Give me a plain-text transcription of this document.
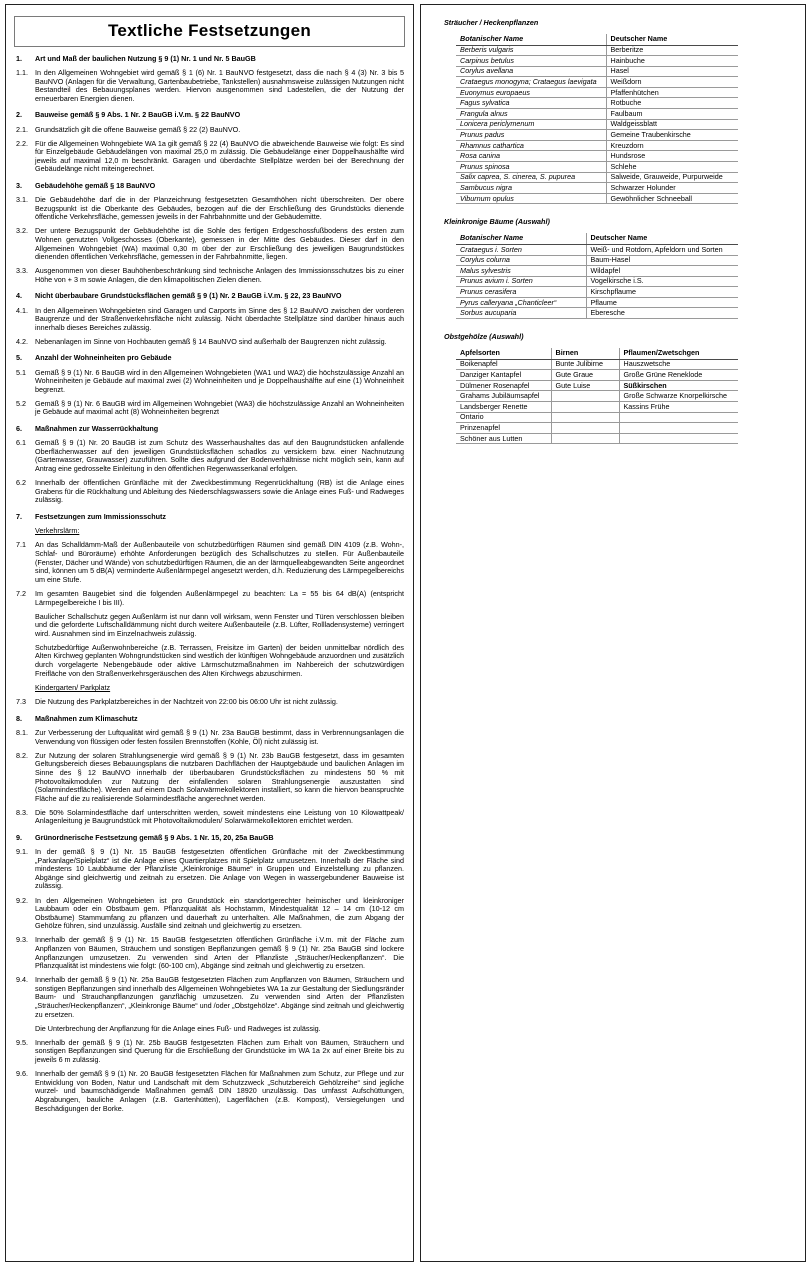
Textliche Festsetzungen
1.	Art und Maß der baulichen Nutzung § 9 (1) Nr. 1 und Nr. 5 BauGB
1.1. In den Allgemeinen Wohngebiet wird gemäß § 1 (6) Nr. 1 BauNVO festgesetzt, dass die nach § 4 (3) Nr. 3 bis 5 BauNVO (Anlagen für die Verwaltung, Gartenbaubetriebe, Tankstellen) ausnahmsweise zulässigen Nutzungen nicht Bestandteil des Bebauungsplanes werden. Hiervon ausgenommen sind Ladestellen, die der Nutzung der erneuerbaren Energien dienen.
2.	Bauweise gemäß § 9 Abs. 1 Nr. 2 BauGB i.V.m. § 22 BauNVO
2.1. Grundsätzlich gilt die offene Bauweise gemäß § 22 (2) BauNVO.
2.2. Für die Allgemeinen Wohngebiete WA 1a gilt gemäß § 22 (4) BauNVO die abweichende Bauweise wie folgt: Es sind für Einzelgebäude Gebäudelängen von maximal 25,0 m zulässig. Die Gebäudelänge einer Doppelhaushälfte wird jeweils auf maximal 12,0 m beschränkt. Garagen und überdachte Stellplätze werden bei der Berechnung der Gebäudelänge nicht miteingerechnet.
3.	Gebäudehöhe gemäß § 18 BauNVO
3.1. Die Gebäudehöhe darf die in der Planzeichnung festgesetzten Gesamthöhen nicht überschreiten. Der obere Bezugspunkt ist die Oberkante des Gebäudes, bezogen auf die der Erschließung des Grundstücks dienende öffentliche Verkehrsfläche, gemessen jeweils in der Fahrbahnmitte und der Gebäudemitte.
3.2. Der untere Bezugspunkt der Gebäudehöhe ist die Sohle des fertigen Erdgeschossfußbodens des ersten zum Wohnen genutzten Vollgeschosses (Oberkante), gemessen in der Mitte des Gebäudes. Dieser darf in den Allgemeinen Wohngebiet (WA) maximal 0,30 m über der zur Erschließung des jeweiligen Baugrundstückes dienenden öffentlichen Verkehrsfläche, gemessen in der Fahrbahnmitte, liegen.
3.3. Ausgenommen von dieser Bauhöhenbeschränkung sind technische Anlagen des Immissionsschutzes bis zu einer Höhe von + 3 m sowie Anlagen, die den klimapolitischen Zielen dienen.
4.	Nicht überbaubare Grundstücksflächen gemäß § 9 (1) Nr. 2 BauGB i.V.m. § 22, 23 BauNVO
4.1. In den Allgemeinen Wohngebieten sind Garagen und Carports im Sinne des § 12 BauNVO zwischen der vorderen Baugrenze und der Straßenverkehrsfläche nicht zulässig. Nicht überdachte Stellplätze sind darüber hinaus auch innerhalb dieses Bereiches zulässig.
4.2. Nebenanlagen im Sinne von Hochbauten gemäß § 14 BauNVO sind außerhalb der Baugrenzen nicht zulässig.
5.	Anzahl der Wohneinheiten pro Gebäude
5.1	Gemäß § 9 (1) Nr. 6 BauGB wird in den Allgemeinen Wohngebieten (WA1 und WA2) die höchstzulässige Anzahl an Wohneinheiten je Gebäude auf maximal zwei (2) Wohneinheiten und je Doppelhaushälfte auf eine (1) Wohneinheit begrenzt.
5.2	Gemäß § 9 (1) Nr. 6 BauGB wird im Allgemeinen Wohngebiet (WA3) die höchstzulässige Anzahl an Wohneinheiten je Gebäude auf maximal acht (8) Wohneinheiten begrenzt
6.	Maßnahmen zur Wasserrückhaltung
6.1	Gemäß § 9 (1) Nr. 20 BauGB ist zum Schutz des Wasserhaushaltes das auf den Baugrundstücken anfallende Oberflächenwasser auf den jeweiligen Grundstücksflächen schadlos zu versickern bzw. einer Nachnutzung (Gartenwasser, Grauwasser) zuzuführen. Sollte dies aufgrund der Bodenverhältnisse nicht möglich sein, kann auf Antrag eine gedrosselte Einleitung in den öffentlichen Regenwasserkanal erfolgen.
6.2	Innerhalb der öffentlichen Grünfläche mit der Zweckbestimmung Regenrückhaltung (RB) ist die Anlage eines Grabens für die Rückhaltung und Ableitung des Niederschlagswassers sowie die Anlage eines Fuß- und Radweges zulässig.
7.	Festsetzungen zum Immissionsschutz
Verkehrslärm:
7.1	An das Schalldämm-Maß der Außenbauteile von schutzbedürftigen Räumen sind gemäß DIN 4109 (z.B. Wohn-, Schlaf- und Büroräume) erhöhte Anforderungen bezüglich des Schallschutzes zu stellen. Für Außenbauteile (Fenster, Dächer und Wände) von schutzbedürftigen Räumen, die an der lärmquelleabgewandten Seite angeordnet sind, können um 5 dB(A) verminderte Außenlärmpegel angesetzt werden, d.h. Reduzierung des Lärmpegelbereichs um eine Stufe.
7.2	Im gesamten Baugebiet sind die folgenden Außenlärmpegel zu beachten: La = 55 bis 64 dB(A) (entspricht Lärmpegelbereiche I bis III).
Baulicher Schallschutz gegen Außenlärm ist nur dann voll wirksam, wenn Fenster und Türen verschlossen bleiben und die geforderte Luftschalldämmung nicht durch weitere Außenbauteile (z.B. Lüfter, Rollladensysteme) verringert wird. Ausnahmen sind im Einzelnachweis zulässig.
Schutzbedürftige Außenwohnbereiche (z.B. Terrassen, Freisitze im Garten) der beiden unmittelbar nördlich des Alten Kirchweg geplanten Wohngrundstücken sind westlich der künftigen Wohngebäude anzuordnen und zusätzlich durch vorgelagerte Nebengebäude oder aktive Lärmschutzmaßnahmen im Nahbereich der schutzwürdigen Freifläche von den Straßenverkehrsgeräuschen des Alten Kirchwegs abzuschirmen.
Kindergarten/ Parkplatz
7.3	Die Nutzung des Parkplatzbereiches in der Nachtzeit von 22:00 bis 06:00 Uhr ist nicht zulässig.
8.	Maßnahmen zum Klimaschutz
8.1. Zur Verbesserung der Luftqualität wird gemäß § 9 (1) Nr. 23a BauGB bestimmt, dass in Verbrennungsanlagen die Verwendung von flüssigen oder festen fossilen Brennstoffen (Kohle, Öl) nicht zulässig ist.
8.2. Zur Nutzung der solaren Strahlungsenergie wird gemäß § 9 (1) Nr. 23b BauGB festgesetzt, dass im gesamten Geltungsbereich dieses Bebauungsplans die nutzbaren Dachflächen der Hauptgebäude und baulichen Anlagen im Sinne des § 12 BauNVO innerhalb der überbaubaren Grundstücksflächen zu mindestens 50 % mit Photovoltaikmodulen zur Nutzung der einfallenden solaren Strahlungsenergie auszustatten sind (Solarmindestfläche). Werden auf einem Dach Solarwärmekollektoren installiert, so kann die hiervon beanspruchte Fläche auf die zu realisierende Solarmindestfläche angerechnet werden.
8.3. Die 50% Solarmindestfläche darf unterschritten werden, soweit mindestens eine Leistung von 10 Kilowattpeak/ Anlagenleitung je Baugrundstück mit Photovoltaikmodulen/ Solarwärmekollektoren errichtet werden.
9.	Grünordnerische Festsetzung gemäß § 9 Abs. 1 Nr. 15, 20, 25a BauGB
9.1. In der gemäß § 9 (1) Nr. 15 BauGB festgesetzten öffentlichen Grünfläche mit der Zweckbestimmung „Parkanlage/Spielplatz“ ist die Anlage eines Quartierplatzes mit Spielplatz umzusetzen. Innerhalb der Fläche sind mindestens 10 Laubbäume der Pflanzliste „Kleinkronige Bäume“ in Gruppen und Einzelstellung zu pflanzen. Abgänge sind gleichwertig und zeitnah zu ersetzen. Die Anlage von Wegen in wassergebundener Bauweise ist zulässig.
9.2. In den Allgemeinen Wohngebieten ist pro Grundstück ein standortgerechter heimischer und kleinkroniger Laubbaum oder ein Obstbaum gem. Pflanzqualität als Hochstamm, Mindestqualität 12 – 14 cm (10-12 cm Obstbäume) Stammumfang zu pflanzen und dauerhaft zu unterhalten. Alle Maßnahmen, die zum Abgang der Gehölze führen, sind unzulässig. Ausfälle sind zeitnah und gleichwertig zu ersetzen.
9.3. Innerhalb der gemäß § 9 (1) Nr. 15 BauGB festgesetzten öffentlichen Grünfläche i.V.m. mit der Fläche zum Anpflanzen von Bäumen, Sträuchern und sonstigen Bepflanzungen gemäß § 9 (1) Nr. 25a BauGB sind lockere Anpflanzungen umzusetzen. Zu verwenden sind Arten der Pflanzliste „Sträucher/Heckenpflanzen“. Die Pflanzqualität ist mindestens wie folgt: (60-100 cm), Abgänge sind zeitnah und gleichwertig zu ersetzen.
9.4. Innerhalb der gemäß § 9 (1) Nr. 25a BauGB festgesetzten Flächen zum Anpflanzen von Bäumen, Sträuchern und sonstigen Bepflanzungen sind innerhalb des Allgemeinen Wohngebietes WA 1a zur Gestaltung der Siedlungsränder Baum- und Strauchanpflanzungen ganzflächig umzusetzen. Zu verwenden sind Arten der Pflanzlisten „Sträucher/Heckenpflanzen“, „Kleinkronige Bäume“ und /oder „Obstgehölze“. Abgänge sind zeitnah und gleichwertig zu ersetzen.
Die Unterbrechung der Anpflanzung für die Anlage eines Fuß- und Radweges ist zulässig.
9.5. Innerhalb der gemäß § 9 (1) Nr. 25b BauGB festgesetzten Flächen zum Erhalt von Bäumen, Sträuchern und sonstigen Bepflanzungen sind Querung für die Erschließung der Grundstücke im WA 1a 2x auf einer Breite bis zu jeweils 6 m zulässig.
9.6. Innerhalb der gemäß § 9 (1) Nr. 20 BauGB festgesetzten Flächen für Maßnahmen zum Schutz, zur Pflege und zur Entwicklung von Boden, Natur und Landschaft mit dem Schutzzweck „Schutzbereich Gehölzreihe“ sind jegliche wurzel- und baumschädigende Maßnahmen gemäß DIN 18920 unzulässig. Das umfasst Aufschüttungen, Abgrabungen, bauliche Anlagen (z.B. Gartenhütten), Lagerflächen (z.B. Kompost), Versiegelungen und Beschädigungen der Borke.
Sträucher / Heckenpflanzen
Botanischer Name	Deutscher Name
Berberis vulgaris	Berberitze
Carpinus betulus	Hainbuche
Corylus avellana	Hasel
Crataegus monogyna; Crataegus laevigata	Weißdorn
Euonymus europaeus	Pfaffenhütchen
Fagus sylvatica	Rotbuche
Frangula alnus	Faulbaum
Lonicera periclymenum	Waldgeissblatt
Prunus padus	Gemeine Traubenkirsche
Rhamnus cathartica	Kreuzdorn
Rosa canina	Hundsrose
Prunus spinosa	Schlehe
Salix caprea, S. cinerea, S. pupurea	Salweide, Grauweide, Purpurweide
Sambucus nigra	Schwarzer Holunder
Viburnum opulus	Gewöhnlicher Schneeball
Kleinkronige Bäume (Auswahl)
Botanischer Name	Deutscher Name
Crataegus i. Sorten	Weiß- und Rotdorn, Apfeldorn und Sorten
Corylus colurna	Baum-Hasel
Malus sylvestris	Wildapfel
Prunus avium i. Sorten	Vogelkirsche i.S.
Prunus cerasifera	Kirschpflaume
Pyrus calleryana „Chanticleer“	Pflaume
Sorbus aucuparia	Eberesche
Obstgehölze (Auswahl)
Apfelsorten	Birnen	Pflaumen/Zwetschgen
Boikenapfel	Bunte Julibirne	Hauszwetsche
Danziger Kantapfel	Gute Graue	Große Grüne Reneklode
Dülmener Rosenapfel	Gute Luise	Süßkirschen
Grahams Jubiläumsapfel		Große Schwarze Knorpelkirsche
Landsberger Renette		Kassins Frühe
Ontario		
Prinzenapfel		
Schöner aus Lutten		
